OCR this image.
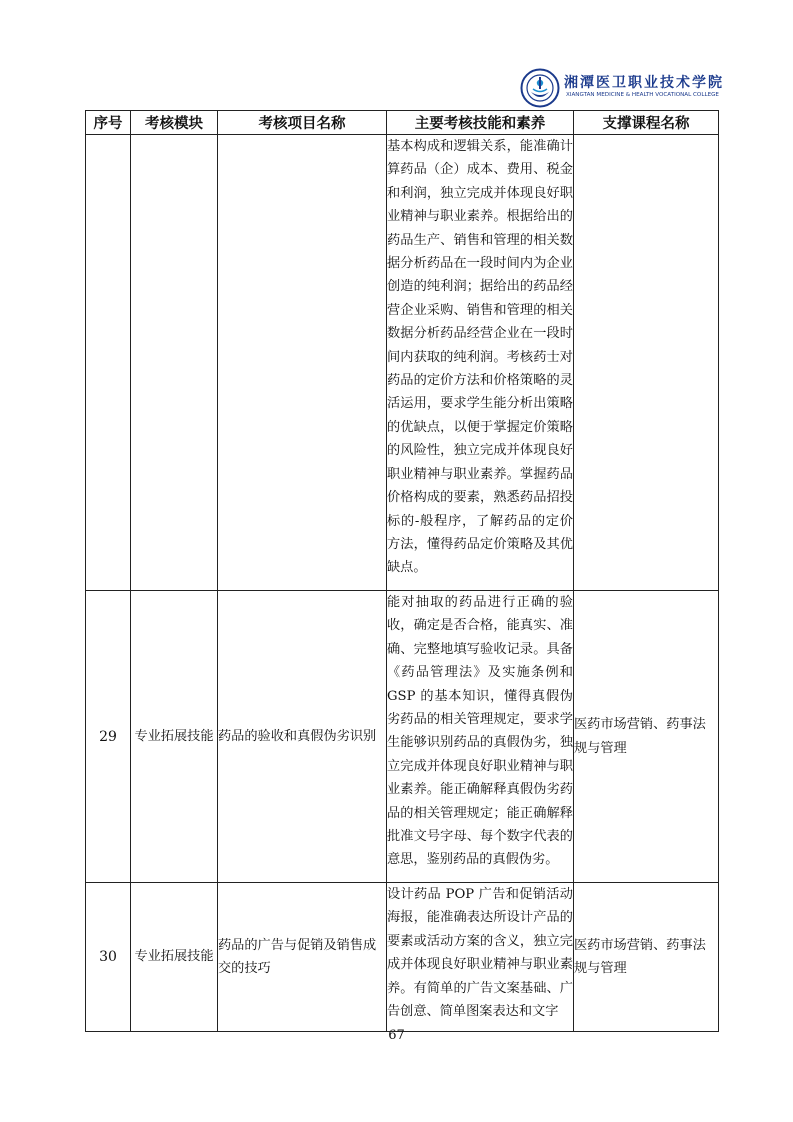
湘潭医卫职业技术学院
XIANGTAN MEDICINE & HEALTH VOCATIONAL COLLEGE
序号	考核模块	考核项目名称	主要考核技能和素养	支撑课程名称
			基本构成和逻辑关系，能准确计算药品（企）成本、费用、税金和利润，独立完成并体现良好职业精神与职业素养。根据给出的药品生产、销售和管理的相关数据分析药品在一段时间内为企业创造的纯利润；据给出的药品经营企业采购、销售和管理的相关数据分析药品经营企业在一段时间内获取的纯利润。考核药士对药品的定价方法和价格策略的灵活运用，要求学生能分析出策略的优缺点，以便于掌握定价策略的风险性，独立完成并体现良好职业精神与职业素养。掌握药品价格构成的要素，熟悉药品招投标的-般程序，了解药品的定价方法，懂得药品定价策略及其优缺点。	
29	专业拓展技能	药品的验收和真假伪劣识别	能对抽取的药品进行正确的验收，确定是否合格，能真实、准确、完整地填写验收记录。具备《药品管理法》及实施条例和 GSP 的基本知识，懂得真假伪劣药品的相关管理规定，要求学生能够识别药品的真假伪劣，独立完成并体现良好职业精神与职业素养。能正确解释真假伪劣药品的相关管理规定；能正确解释批准文号字母、每个数字代表的意思，鉴别药品的真假伪劣。	医药市场营销、药事法规与管理
30	专业拓展技能	药品的广告与促销及销售成交的技巧	设计药品 POP 广告和促销活动海报，能准确表达所设计产品的要素或活动方案的含义，独立完成并体现良好职业精神与职业素养。有简单的广告文案基础、广告创意、简单图案表达和文字	医药市场营销、药事法规与管理
67
